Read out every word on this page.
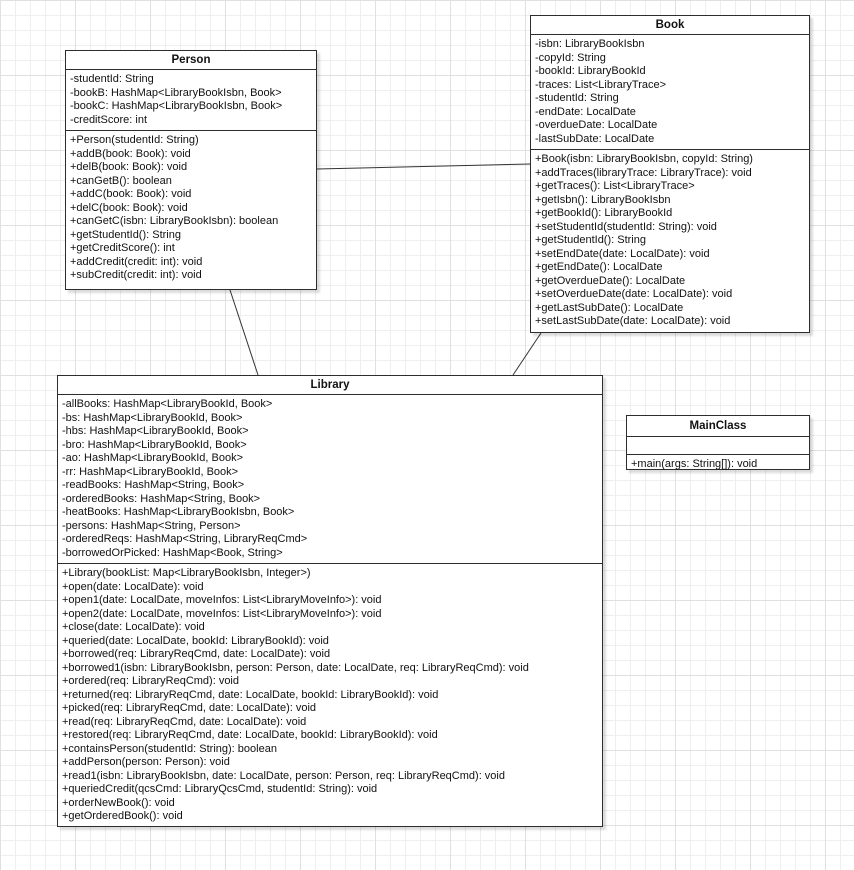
Person
-studentId: String
-bookB: HashMap<LibraryBookIsbn, Book>
-bookC: HashMap<LibraryBookIsbn, Book>
-creditScore: int
+Person(studentId: String)
+addB(book: Book): void
+delB(book: Book): void
+canGetB(): boolean
+addC(book: Book): void
+delC(book: Book): void
+canGetC(isbn: LibraryBookIsbn): boolean
+getStudentId(): String
+getCreditScore(): int
+addCredit(credit: int): void
+subCredit(credit: int): void
Book
-isbn: LibraryBookIsbn
-copyId: String
-bookId: LibraryBookId
-traces: List<LibraryTrace>
-studentId: String
-endDate: LocalDate
-overdueDate: LocalDate
-lastSubDate: LocalDate
+Book(isbn: LibraryBookIsbn, copyId: String)
+addTraces(libraryTrace: LibraryTrace): void
+getTraces(): List<LibraryTrace>
+getIsbn(): LibraryBookIsbn
+getBookId(): LibraryBookId
+setStudentId(studentId: String): void
+getStudentId(): String
+setEndDate(date: LocalDate): void
+getEndDate(): LocalDate
+getOverdueDate(): LocalDate
+setOverdueDate(date: LocalDate): void
+getLastSubDate(): LocalDate
+setLastSubDate(date: LocalDate): void
Library
-allBooks: HashMap<LibraryBookId, Book>
-bs: HashMap<LibraryBookId, Book>
-hbs: HashMap<LibraryBookId, Book>
-bro: HashMap<LibraryBookId, Book>
-ao: HashMap<LibraryBookId, Book>
-rr: HashMap<LibraryBookId, Book>
-readBooks: HashMap<String, Book>
-orderedBooks: HashMap<String, Book>
-heatBooks: HashMap<LibraryBookIsbn, Book>
-persons: HashMap<String, Person>
-orderedReqs: HashMap<String, LibraryReqCmd>
-borrowedOrPicked: HashMap<Book, String>
+Library(bookList: Map<LibraryBookIsbn, Integer>)
+open(date: LocalDate): void
+open1(date: LocalDate, moveInfos: List<LibraryMoveInfo>): void
+open2(date: LocalDate, moveInfos: List<LibraryMoveInfo>): void
+close(date: LocalDate): void
+queried(date: LocalDate, bookId: LibraryBookId): void
+borrowed(req: LibraryReqCmd, date: LocalDate): void
+borrowed1(isbn: LibraryBookIsbn, person: Person, date: LocalDate, req: LibraryReqCmd): void
+ordered(req: LibraryReqCmd): void
+returned(req: LibraryReqCmd, date: LocalDate, bookId: LibraryBookId): void
+picked(req: LibraryReqCmd, date: LocalDate): void
+read(req: LibraryReqCmd, date: LocalDate): void
+restored(req: LibraryReqCmd, date: LocalDate, bookId: LibraryBookId): void
+containsPerson(studentId: String): boolean
+addPerson(person: Person): void
+read1(isbn: LibraryBookIsbn, date: LocalDate, person: Person, req: LibraryReqCmd): void
+queriedCredit(qcsCmd: LibraryQcsCmd, studentId: String): void
+orderNewBook(): void
+getOrderedBook(): void
MainClass
+main(args: String[]): void
